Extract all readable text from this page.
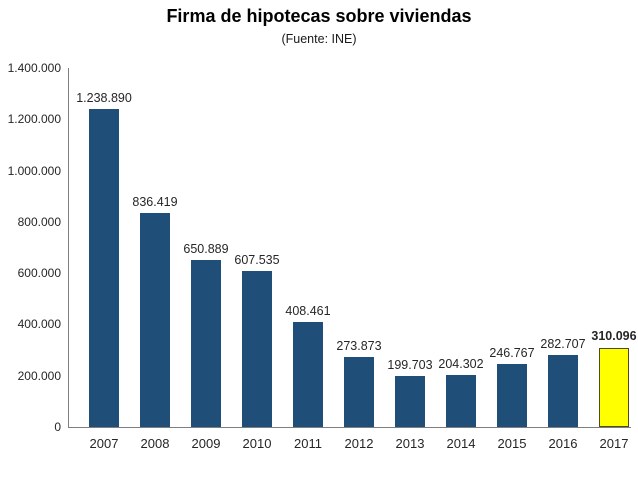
Firma de hipotecas sobre viviendas
(Fuente: INE)
0
200.000
400.000
600.000
800.000
1.000.000
1.200.000
1.400.000
1.238.890
2007
836.419
2008
650.889
2009
607.535
2010
408.461
2011
273.873
2012
199.703
2013
204.302
2014
246.767
2015
282.707
2016
310.096
2017
